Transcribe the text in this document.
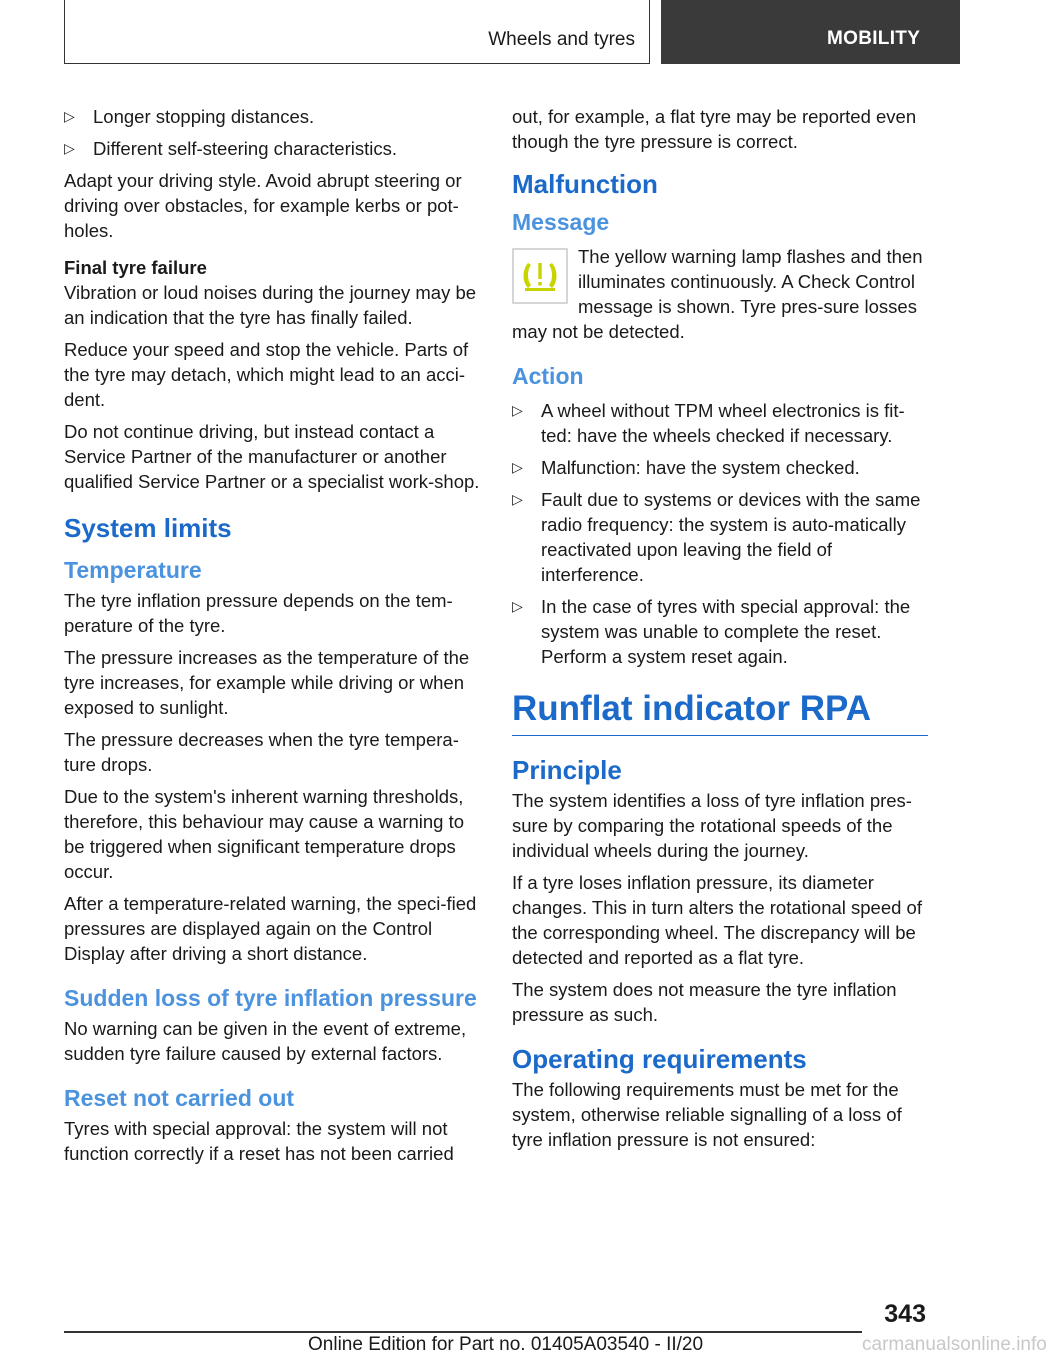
Wheels and tyres	MOBILITY
▷ Longer stopping distances.
▷ Different self-steering characteristics.

Adapt your driving style. Avoid abrupt steering or driving over obstacles, for example kerbs or pot-holes.

Final tyre failure

Vibration or loud noises during the journey may be an indication that the tyre has finally failed.

Reduce your speed and stop the vehicle. Parts of the tyre may detach, which might lead to an acci-dent.

Do not continue driving, but instead contact a Service Partner of the manufacturer or another qualified Service Partner or a specialist work-shop.

System limits
Temperature

The tyre inflation pressure depends on the tem-perature of the tyre.

The pressure increases as the temperature of the tyre increases, for example while driving or when exposed to sunlight.

The pressure decreases when the tyre tempera-ture drops.

Due to the system's inherent warning thresholds, therefore, this behaviour may cause a warning to be triggered when significant temperature drops occur.

After a temperature-related warning, the speci-fied pressures are displayed again on the Control Display after driving a short distance.

Sudden loss of tyre inflation pressure

No warning can be given in the event of extreme, sudden tyre failure caused by external factors.

Reset not carried out

Tyres with special approval: the system will not function correctly if a reset has not been carried

out, for example, a flat tyre may be reported even though the tyre pressure is correct.

Malfunction
Message

The yellow warning lamp flashes and then illuminates continuously. A Check Control message is shown. Tyre pres-sure losses may not be detected.

Action
▷ A wheel without TPM wheel electronics is fit-ted: have the wheels checked if necessary.
▷ Malfunction: have the system checked.
▷ Fault due to systems or devices with the same radio frequency: the system is auto-matically reactivated upon leaving the field of interference.
▷ In the case of tyres with special approval: the system was unable to complete the reset. Perform a system reset again.
Runflat indicator RPA
Principle

The system identifies a loss of tyre inflation pres-sure by comparing the rotational speeds of the individual wheels during the journey.

If a tyre loses inflation pressure, its diameter changes. This in turn alters the rotational speed of the corresponding wheel. The discrepancy will be detected and reported as a flat tyre.

The system does not measure the tyre inflation pressure as such.

Operating requirements

The following requirements must be met for the system, otherwise reliable signalling of a loss of tyre inflation pressure is not ensured:

343
Online Edition for Part no. 01405A03540 - II/20	carmanualsonline.info
